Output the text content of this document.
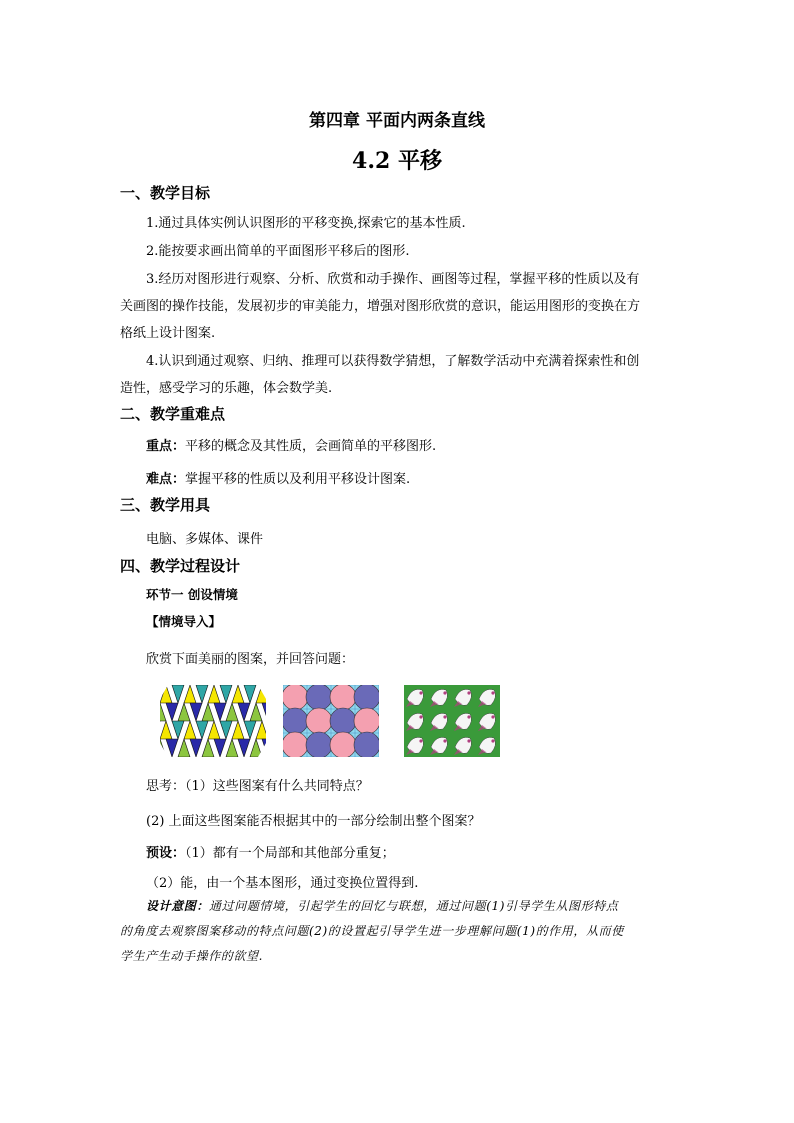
第四章 平面内两条直线
4.2 平移
一、教学目标
1.通过具体实例认识图形的平移变换,探索它的基本性质.
2.能按要求画出简单的平面图形平移后的图形.
3.经历对图形进行观察、分析、欣赏和动手操作、画图等过程，掌握平移的性质以及有
关画图的操作技能，发展初步的审美能力，增强对图形欣赏的意识，能运用图形的变换在方
格纸上设计图案.
4.认识到通过观察、归纳、推理可以获得数学猜想，了解数学活动中充满着探索性和创
造性，感受学习的乐趣，体会数学美.
二、教学重难点
重点：平移的概念及其性质，会画简单的平移图形.
难点：掌握平移的性质以及利用平移设计图案.
三、教学用具
电脑、多媒体、课件
四、教学过程设计
环节一 创设情境
【情境导入】
欣赏下面美丽的图案，并回答问题：
思考：（1）这些图案有什么共同特点？
(2) 上面这些图案能否根据其中的一部分绘制出整个图案？
预设：（1）都有一个局部和其他部分重复；
（2）能，由一个基本图形，通过变换位置得到.
设计意图：通过问题情境，引起学生的回忆与联想，通过问题(1)引导学生从图形特点
的角度去观察图案移动的特点问题(2)的设置起引导学生进一步理解问题(1)的作用，从而使
学生产生动手操作的欲望.
